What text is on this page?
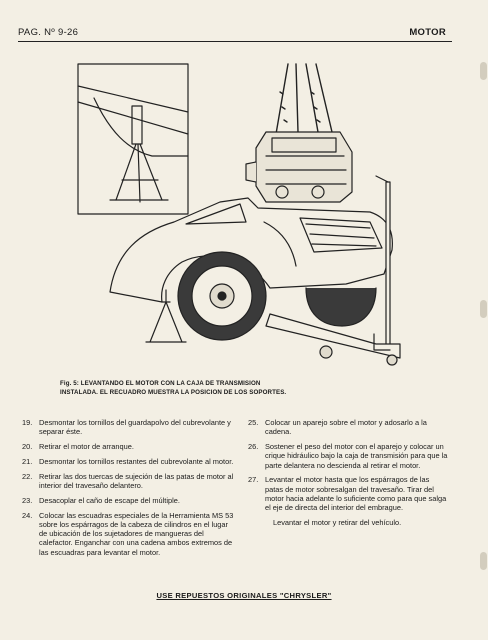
PAG. Nº 9-26	MOTOR
Fig. 5: LEVANTANDO EL MOTOR CON LA CAJA DE TRANSMISION
INSTALADA. EL RECUADRO MUESTRA LA POSICION DE LOS SOPORTES.
19. Desmontar los tornillos del guardapolvo del cubrevolante y separar éste.
20. Retirar el motor de arranque.
21. Desmontar los tornillos restantes del cubrevolante al motor.
22. Retirar las dos tuercas de sujeción de las patas de motor al interior del travesaño delantero.
23. Desacoplar el caño de escape del múltiple.
24. Colocar las escuadras especiales de la Herramienta MS 53 sobre los espárragos de la cabeza de cilindros en el lugar de ubicación de los sujetadores de mangueras del calefactor. Enganchar con una cadena ambos extremos de las escuadras para levantar el motor.
25. Colocar un aparejo sobre el motor y adosarlo a la cadena.
26. Sostener el peso del motor con el aparejo y colocar un crique hidráulico bajo la caja de transmisión para que la parte delantera no descienda al retirar el motor.
27. Levantar el motor hasta que los espárragos de las patas de motor sobresalgan del travesaño. Tirar del motor hacia adelante lo suficiente como para que salga el eje de directa del interior del embrague.
Levantar el motor y retirar del vehículo.
USE REPUESTOS ORIGINALES "CHRYSLER"
